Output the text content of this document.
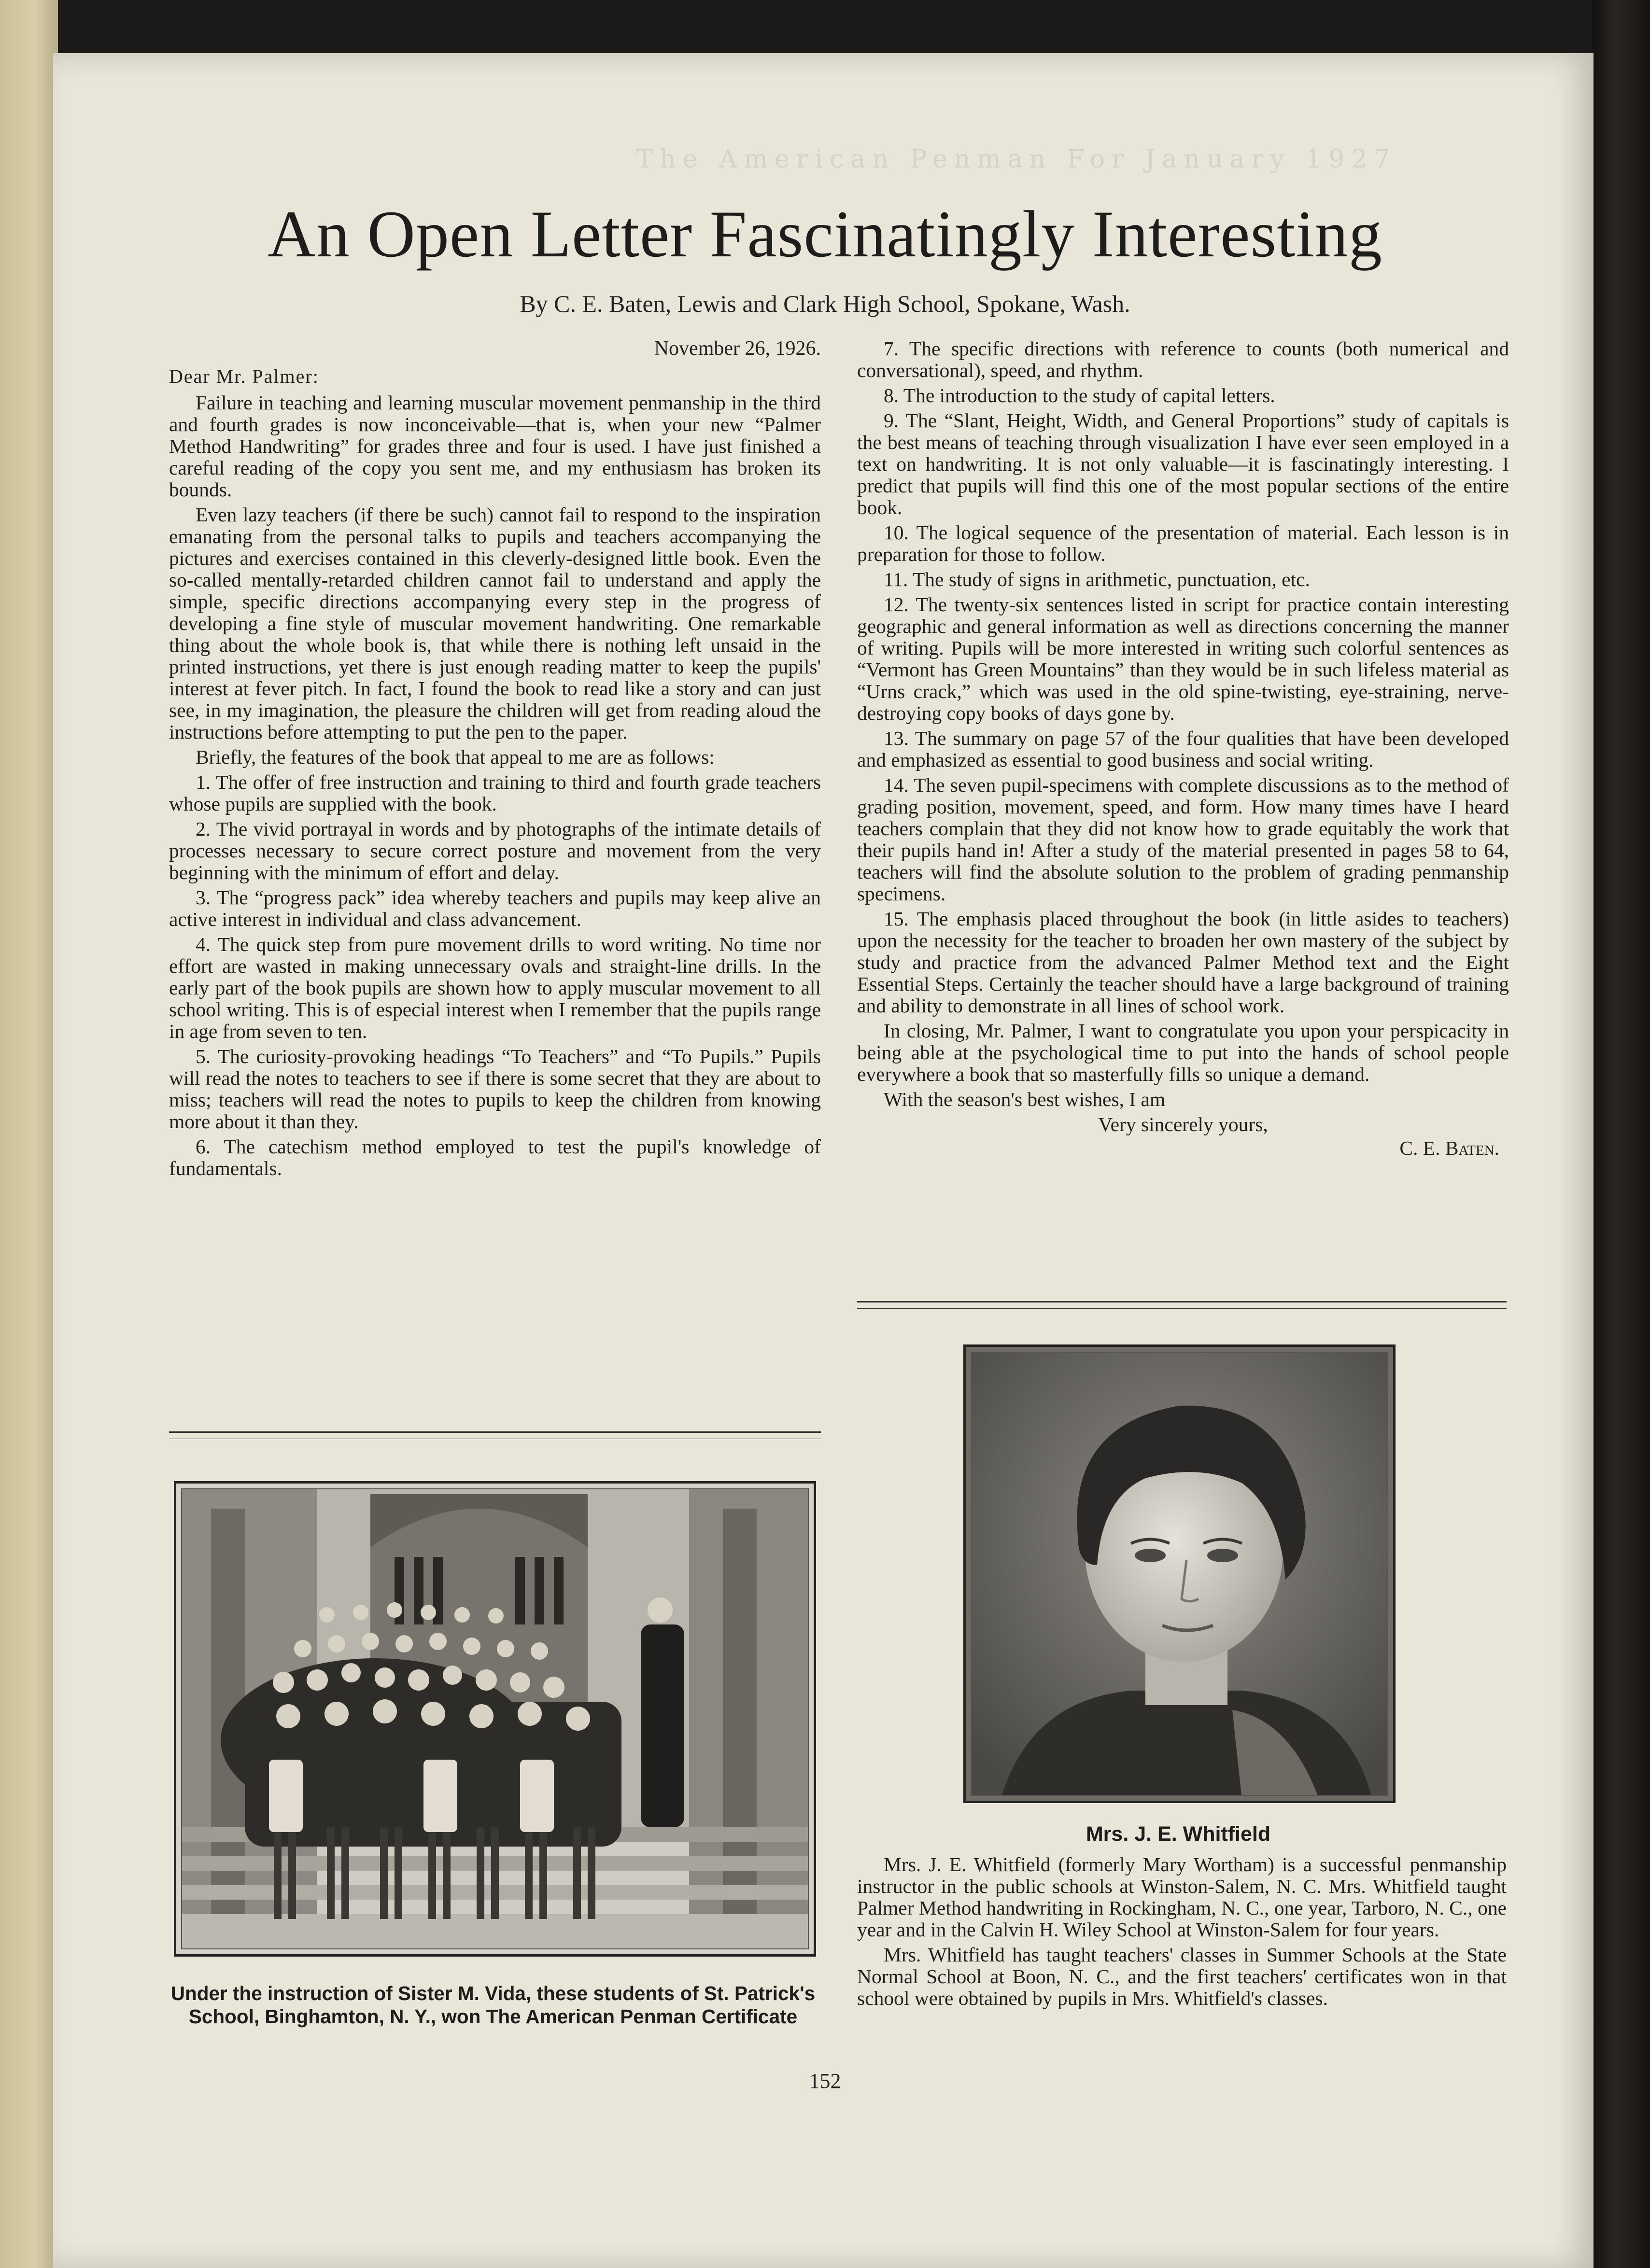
The American Penman For January 1927
An Open Letter Fascinatingly Interesting
By C. E. Baten, Lewis and Clark High School, Spokane, Wash.
November 26, 1926.
Dear Mr. Palmer:

Failure in teaching and learning muscular movement penmanship in the third and fourth grades is now inconceivable—that is, when your new “Palmer Method Handwriting” for grades three and four is used. I have just finished a careful reading of the copy you sent me, and my enthusiasm has broken its bounds.

Even lazy teachers (if there be such) cannot fail to respond to the inspiration emanating from the personal talks to pupils and teachers accompanying the pictures and exercises contained in this cleverly-designed little book. Even the so-called mentally-retarded children cannot fail to understand and apply the simple, specific directions accompanying every step in the progress of developing a fine style of muscular movement handwriting. One remarkable thing about the whole book is, that while there is nothing left unsaid in the printed instructions, yet there is just enough reading matter to keep the pupils' interest at fever pitch. In fact, I found the book to read like a story and can just see, in my imagination, the pleasure the children will get from reading aloud the instructions before attempting to put the pen to the paper.

Briefly, the features of the book that appeal to me are as follows:

1. The offer of free instruction and training to third and fourth grade teachers whose pupils are supplied with the book.

2. The vivid portrayal in words and by photographs of the intimate details of processes necessary to secure correct posture and movement from the very beginning with the minimum of effort and delay.

3. The “progress pack” idea whereby teachers and pupils may keep alive an active interest in individual and class advancement.

4. The quick step from pure movement drills to word writing. No time nor effort are wasted in making unnecessary ovals and straight-line drills. In the early part of the book pupils are shown how to apply muscular movement to all school writing. This is of especial interest when I remember that the pupils range in age from seven to ten.

5. The curiosity-provoking headings “To Teachers” and “To Pupils.” Pupils will read the notes to teachers to see if there is some secret that they are about to miss; teachers will read the notes to pupils to keep the children from knowing more about it than they.

6. The catechism method employed to test the pupil's knowledge of fundamentals.

7. The specific directions with reference to counts (both numerical and conversational), speed, and rhythm.

8. The introduction to the study of capital letters.

9. The “Slant, Height, Width, and General Proportions” study of capitals is the best means of teaching through visualization I have ever seen employed in a text on handwriting. It is not only valuable—it is fascinatingly interesting. I predict that pupils will find this one of the most popular sections of the entire book.

10. The logical sequence of the presentation of material. Each lesson is in preparation for those to follow.

11. The study of signs in arithmetic, punctuation, etc.

12. The twenty-six sentences listed in script for practice contain interesting geographic and general information as well as directions concerning the manner of writing. Pupils will be more interested in writing such colorful sentences as “Vermont has Green Mountains” than they would be in such lifeless material as “Urns crack,” which was used in the old spine-twisting, eye-straining, nerve-destroying copy books of days gone by.

13. The summary on page 57 of the four qualities that have been developed and emphasized as essential to good business and social writing.

14. The seven pupil-specimens with complete discussions as to the method of grading position, movement, speed, and form. How many times have I heard teachers complain that they did not know how to grade equitably the work that their pupils hand in! After a study of the material presented in pages 58 to 64, teachers will find the absolute solution to the problem of grading penmanship specimens.

15. The emphasis placed throughout the book (in little asides to teachers) upon the necessity for the teacher to broaden her own mastery of the subject by study and practice from the advanced Palmer Method text and the Eight Essential Steps. Certainly the teacher should have a large background of training and ability to demonstrate in all lines of school work.

In closing, Mr. Palmer, I want to congratulate you upon your perspicacity in being able at the psychological time to put into the hands of school people everywhere a book that so masterfully fills so unique a demand.

With the season's best wishes, I am

Very sincerely yours,
C. E. Baten.
Under the instruction of Sister M. Vida, these students of St. Patrick's School, Binghamton, N. Y., won The American Penman Certificate
Mrs. J. E. Whitfield

Mrs. J. E. Whitfield (formerly Mary Wortham) is a successful penmanship instructor in the public schools at Winston-Salem, N. C. Mrs. Whitfield taught Palmer Method handwriting in Rockingham, N. C., one year, Tarboro, N. C., one year and in the Calvin H. Wiley School at Winston-Salem for four years.

Mrs. Whitfield has taught teachers' classes in Summer Schools at the State Normal School at Boon, N. C., and the first teachers' certificates won in that school were obtained by pupils in Mrs. Whitfield's classes.

152
